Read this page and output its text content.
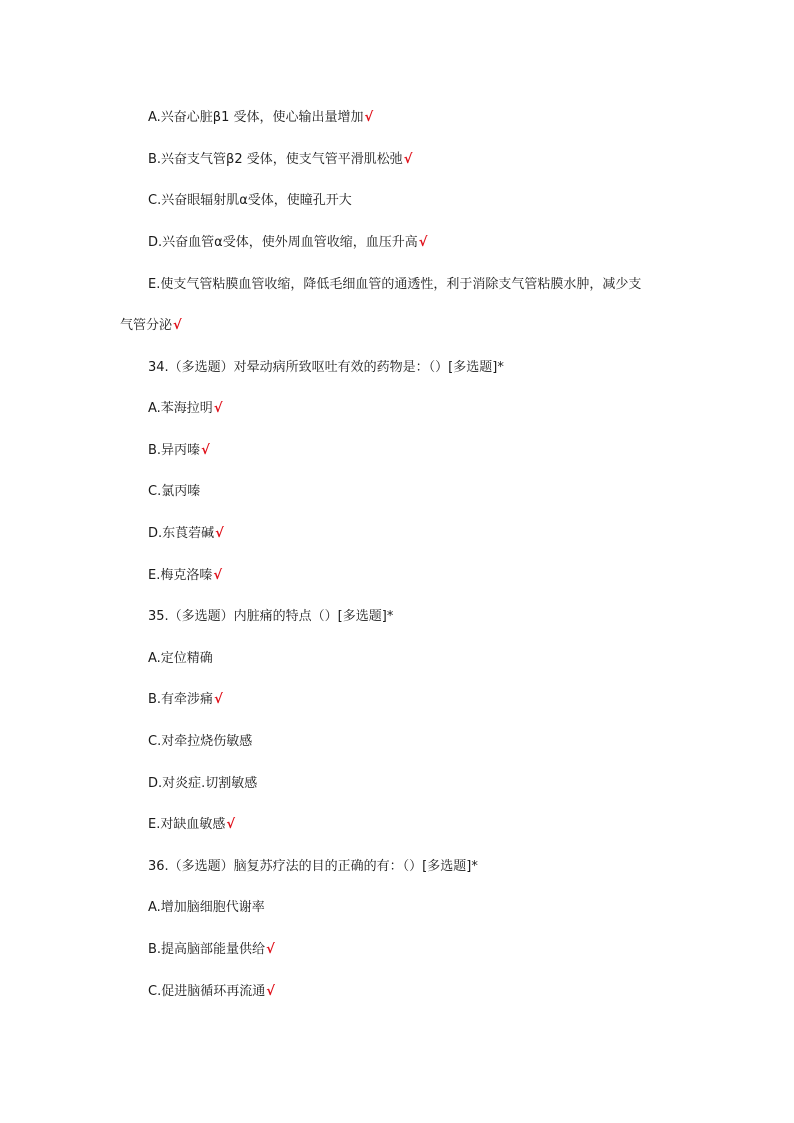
A.兴奋心脏β1 受体，使心输出量增加√
B.兴奋支气管β2 受体，使支气管平滑肌松弛√
C.兴奋眼辐射肌α受体，使瞳孔开大
D.兴奋血管α受体，使外周血管收缩，血压升高√
E.使支气管粘膜血管收缩，降低毛细血管的通透性，利于消除支气管粘膜水肿，减少支
气管分泌√
34.（多选题）对晕动病所致呕吐有效的药物是：（）[多选题]*
A.苯海拉明√
B.异丙嗪√
C.氯丙嗪
D.东莨菪碱√
E.梅克洛嗪√
35.（多选题）内脏痛的特点（）[多选题]*
A.定位精确
B.有牵涉痛√
C.对牵拉烧伤敏感
D.对炎症.切割敏感
E.对缺血敏感√
36.（多选题）脑复苏疗法的目的正确的有：（）[多选题]*
A.增加脑细胞代谢率
B.提高脑部能量供给√
C.促进脑循环再流通√
